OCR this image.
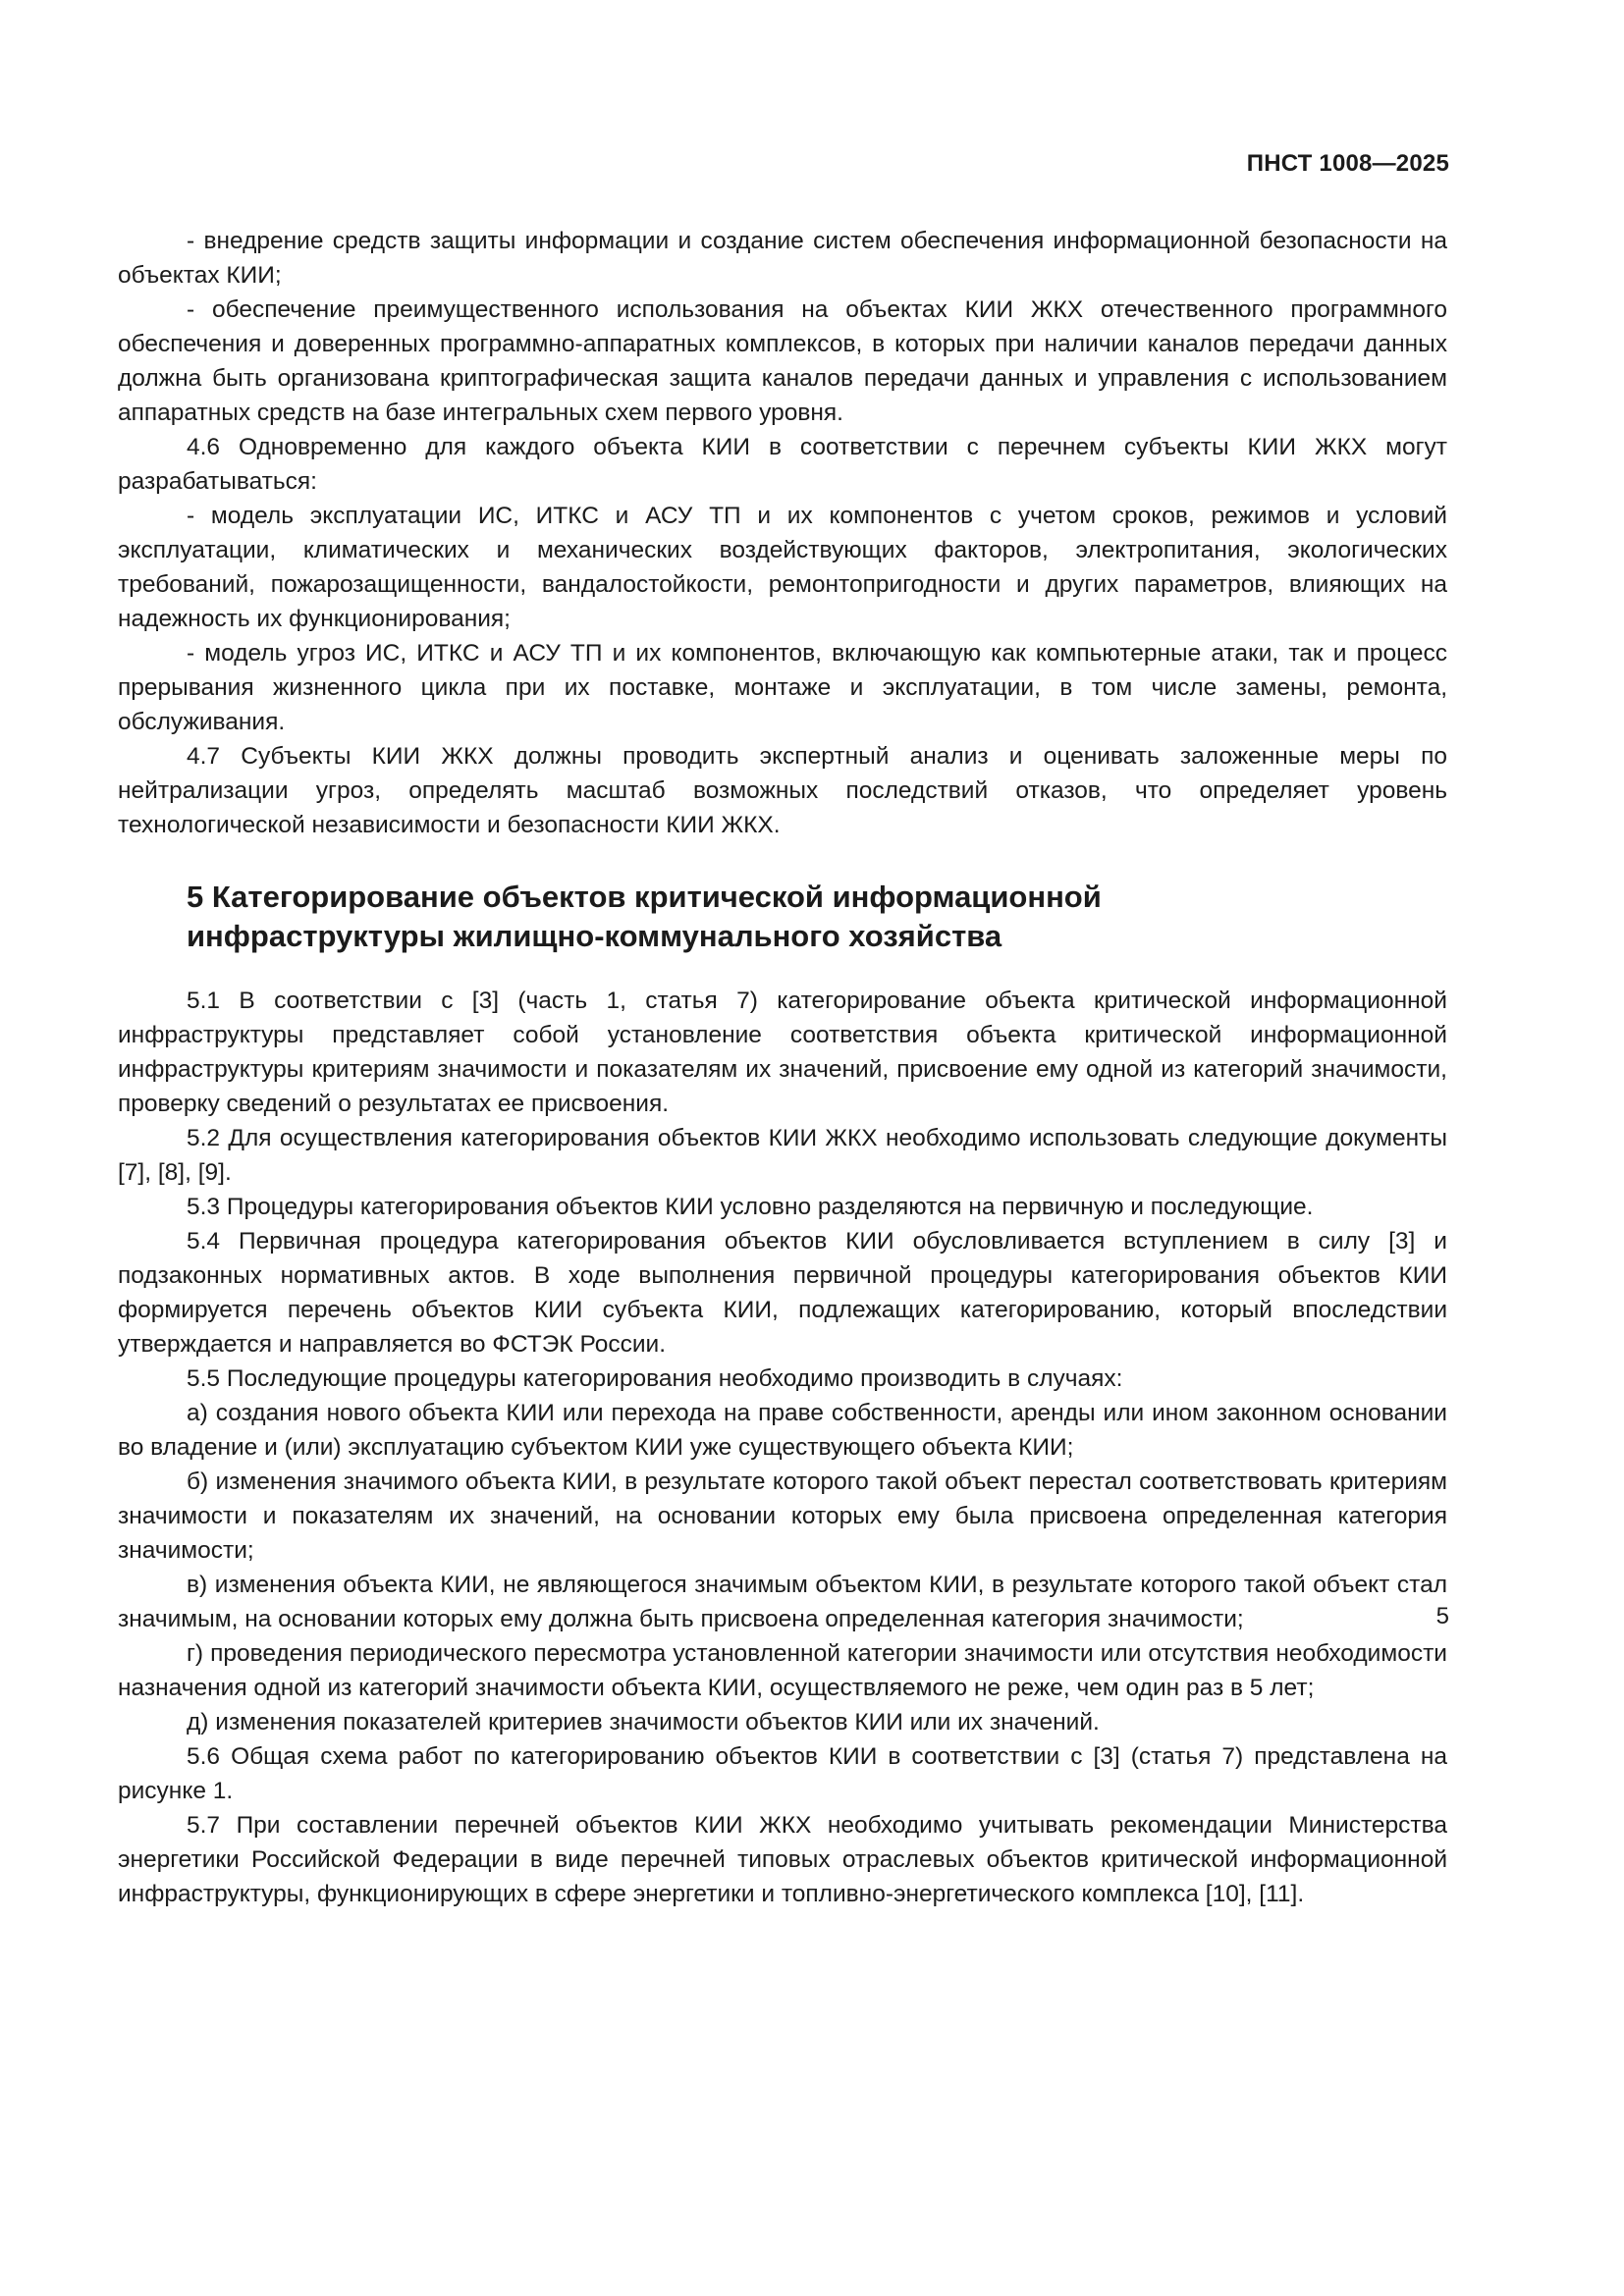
ПНСТ 1008—2025

- внедрение средств защиты информации и создание систем обеспечения информационной безопасности на объектах КИИ;

- обеспечение преимущественного использования на объектах КИИ ЖКХ отечественного программного обеспечения и доверенных программно-аппаратных комплексов, в которых при наличии каналов передачи данных должна быть организована криптографическая защита каналов передачи данных и управления с использованием аппаратных средств на базе интегральных схем первого уровня.

4.6 Одновременно для каждого объекта КИИ в соответствии с перечнем субъекты КИИ ЖКХ могут разрабатываться:

- модель эксплуатации ИС, ИТКС и АСУ ТП и их компонентов с учетом сроков, режимов и условий эксплуатации, климатических и механических воздействующих факторов, электропитания, экологических требований, пожарозащищенности, вандалостойкости, ремонтопригодности и других параметров, влияющих на надежность их функционирования;

- модель угроз ИС, ИТКС и АСУ ТП и их компонентов, включающую как компьютерные атаки, так и процесс прерывания жизненного цикла при их поставке, монтаже и эксплуатации, в том числе замены, ремонта, обслуживания.

4.7 Субъекты КИИ ЖКХ должны проводить экспертный анализ и оценивать заложенные меры по нейтрализации угроз, определять масштаб возможных последствий отказов, что определяет уровень технологической независимости и безопасности КИИ ЖКХ.

5 Категорирование объектов критической информационной
инфраструктуры жилищно-коммунального хозяйства

5.1 В соответствии с [3] (часть 1, статья 7) категорирование объекта критической информационной инфраструктуры представляет собой установление соответствия объекта критической информационной инфраструктуры критериям значимости и показателям их значений, присвоение ему одной из категорий значимости, проверку сведений о результатах ее присвоения.

5.2 Для осуществления категорирования объектов КИИ ЖКХ необходимо использовать следующие документы [7], [8], [9].

5.3 Процедуры категорирования объектов КИИ условно разделяются на первичную и последующие.

5.4 Первичная процедура категорирования объектов КИИ обусловливается вступлением в силу [3] и подзаконных нормативных актов. В ходе выполнения первичной процедуры категорирования объектов КИИ формируется перечень объектов КИИ субъекта КИИ, подлежащих категорированию, который впоследствии утверждается и направляется во ФСТЭК России.

5.5 Последующие процедуры категорирования необходимо производить в случаях:

а) создания нового объекта КИИ или перехода на праве собственности, аренды или ином законном основании во владение и (или) эксплуатацию субъектом КИИ уже существующего объекта КИИ;

б) изменения значимого объекта КИИ, в результате которого такой объект перестал соответствовать критериям значимости и показателям их значений, на основании которых ему была присвоена определенная категория значимости;

в) изменения объекта КИИ, не являющегося значимым объектом КИИ, в результате которого такой объект стал значимым, на основании которых ему должна быть присвоена определенная категория значимости;

г) проведения периодического пересмотра установленной категории значимости или отсутствия необходимости назначения одной из категорий значимости объекта КИИ, осуществляемого не реже, чем один раз в 5 лет;

д) изменения показателей критериев значимости объектов КИИ или их значений.

5.6 Общая схема работ по категорированию объектов КИИ в соответствии с [3] (статья 7) представлена на рисунке 1.

5.7 При составлении перечней объектов КИИ ЖКХ необходимо учитывать рекомендации Министерства энергетики Российской Федерации в виде перечней типовых отраслевых объектов критической информационной инфраструктуры, функционирующих в сфере энергетики и топливно-энергетического комплекса [10], [11].

5
